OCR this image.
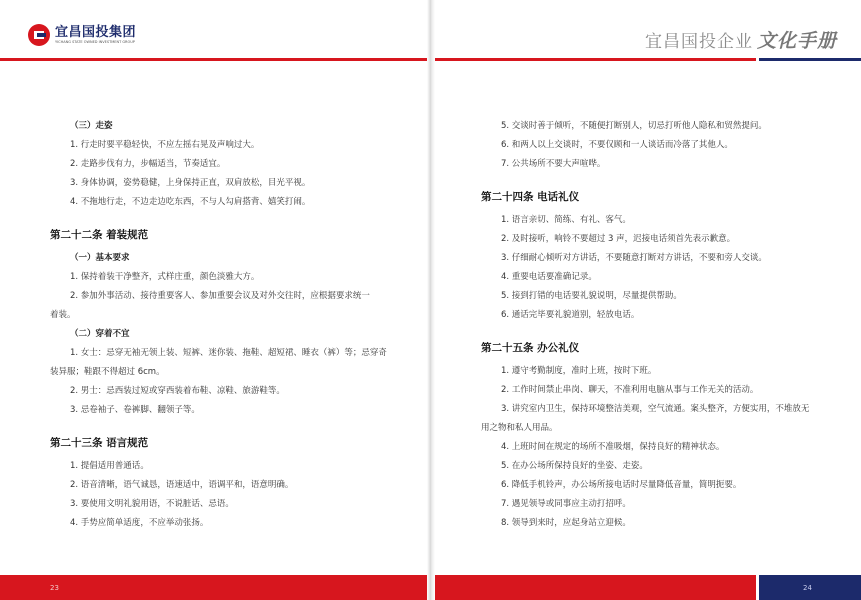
宜昌国投集团
YICHANG STATE OWNED INVESTMENT GROUP

（三）走姿

1. 行走时要平稳轻快，不应左摇右晃及声响过大。

2. 走路步伐有力，步幅适当，节奏适宜。

3. 身体协调，姿势稳健，上身保持正直，双肩放松，目光平视。

4. 不拖地行走，不边走边吃东西，不与人勾肩搭背、嬉笑打闹。

第二十二条 着装规范

（一）基本要求

1. 保持着装干净整齐，式样庄重，颜色淡雅大方。

2. 参加外事活动、接待重要客人、参加重要会议及对外交往时，应根据要求统一

着装。

（二）穿着不宜

1. 女士：忌穿无袖无领上装、短裤、迷你装、拖鞋、超短裙、睡衣（裤）等；忌穿奇

装异服；鞋跟不得超过 6cm。

2. 男士：忌西装过短或穿西装着布鞋、凉鞋、旅游鞋等。

3. 忌卷袖子、卷裤脚、翻领子等。

第二十三条 语言规范

1. 提倡适用普通话。

2. 语音清晰，语气诚恳，语速适中，语调平和，语意明确。

3. 要使用文明礼貌用语，不说脏话、忌语。

4. 手势应简单适度，不应举动张扬。

23
宜昌国投企业 文化手册

5. 交谈时善于倾听，不随便打断别人，切忌打听他人隐私和贸然提问。

6. 和两人以上交谈时，不要仅顾和一人谈话而冷落了其他人。

7. 公共场所不要大声喧哗。

第二十四条 电话礼仪

1. 语言亲切、简练、有礼、客气。

2. 及时接听，响铃不要超过 3 声，迟接电话须首先表示歉意。

3. 仔细耐心倾听对方讲话，不要随意打断对方讲话，不要和旁人交谈。

4. 重要电话要准确记录。

5. 接到打错的电话要礼貌说明，尽量提供帮助。

6. 通话完毕要礼貌道别，轻放电话。

第二十五条 办公礼仪

1. 遵守考勤制度，准时上班，按时下班。

2. 工作时间禁止串岗、聊天，不准利用电脑从事与工作无关的活动。

3. 讲究室内卫生，保持环境整洁美观，空气流通。案头整齐，方便实用，不堆放无

用之物和私人用品。

4. 上班时间在规定的场所不准吸烟，保持良好的精神状态。

5. 在办公场所保持良好的坐姿、走姿。

6. 降低手机铃声，办公场所接电话时尽量降低音量，简明扼要。

7. 遇见领导或同事应主动打招呼。

8. 领导到来时，应起身站立迎候。

24
